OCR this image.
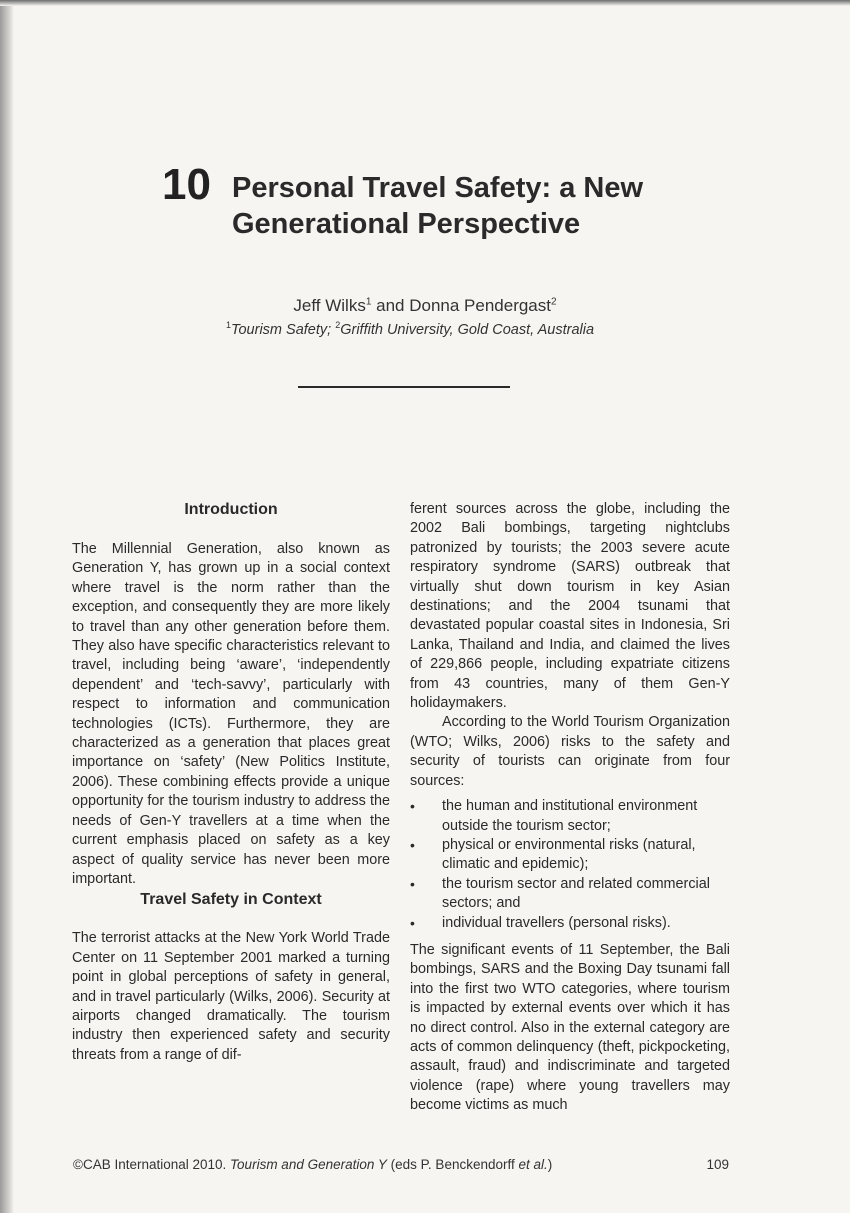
10 Personal Travel Safety: a New
Generational Perspective
Jeff Wilks$^1$ and Donna Pendergast$^2$
$^1$Tourism Safety; $^2$Griffith University, Gold Coast, Australia
Introduction

The Millennial Generation, also known as Generation Y, has grown up in a social context where travel is the norm rather than the exception, and consequently they are more likely to travel than any other generation before them. They also have specific characteristics relevant to travel, including being ‘aware’, ‘independently dependent’ and ‘tech-savvy’, particularly with respect to information and communication technologies (ICTs). Furthermore, they are characterized as a generation that places great importance on ‘safety’ (New Politics Institute, 2006). These combining effects provide a unique opportunity for the tourism industry to address the needs of Gen-Y travellers at a time when the current emphasis placed on safety as a key aspect of quality service has never been more important.

Travel Safety in Context

The terrorist attacks at the New York World Trade Center on 11 September 2001 marked a turning point in global perceptions of safety in general, and in travel particularly (Wilks, 2006). Security at airports changed dramatically. The tourism industry then experienced safety and security threats from a range of dif-

ferent sources across the globe, including the 2002 Bali bombings, targeting nightclubs patronized by tourists; the 2003 severe acute respiratory syndrome (SARS) outbreak that virtually shut down tourism in key Asian destinations; and the 2004 tsunami that devastated popular coastal sites in Indonesia, Sri Lanka, Thailand and India, and claimed the lives of 229,866 people, including expatriate citizens from 43 countries, many of them Gen-Y holidaymakers.

According to the World Tourism Organization (WTO; Wilks, 2006) risks to the safety and security of tourists can originate from four sources:

• the human and institutional environment outside the tourism sector;
• physical or environmental risks (natural, climatic and epidemic);
• the tourism sector and related commercial sectors; and
• individual travellers (personal risks).

The significant events of 11 September, the Bali bombings, SARS and the Boxing Day tsunami fall into the first two WTO categories, where tourism is impacted by external events over which it has no direct control. Also in the external category are acts of common delinquency (theft, pickpocketing, assault, fraud) and indiscriminate and targeted violence (rape) where young travellers may become victims as much

©CAB International 2010. Tourism and Generation Y (eds P. Benckendorff et al.)	109
